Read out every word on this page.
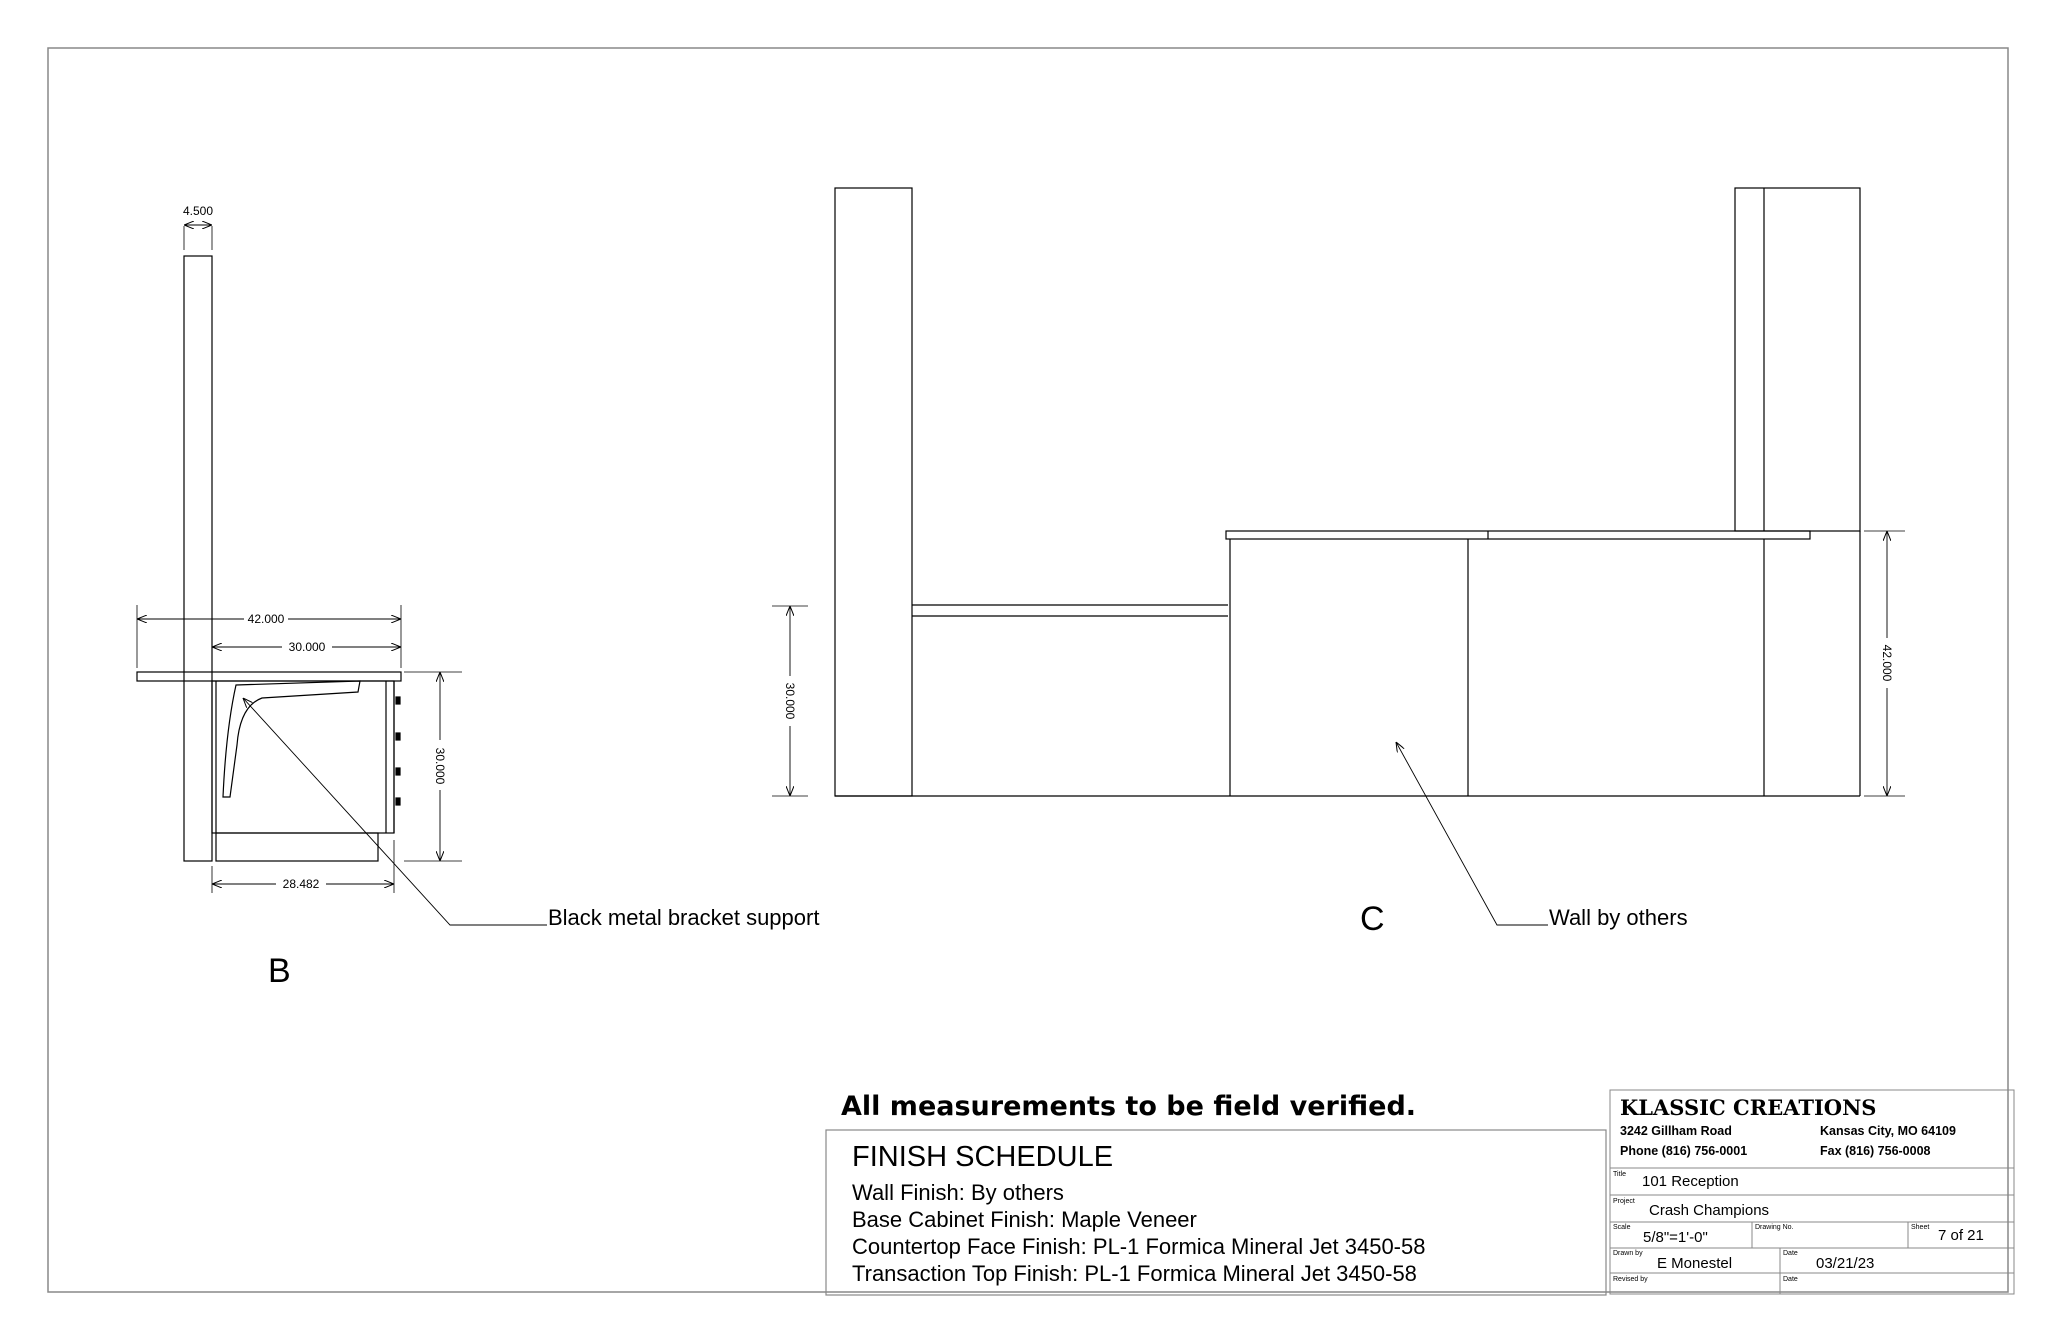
4.500
42.000
30.000
28.482
30.000
Black metal bracket support
B
30.000
42.000
Wall by others
C
All measurements to be field verified.
FINISH SCHEDULE
Wall Finish: By others
Base Cabinet Finish: Maple Veneer
Countertop Face Finish: PL-1 Formica Mineral Jet 3450-58
Transaction Top Finish: PL-1 Formica Mineral Jet 3450-58
KLASSIC CREATIONS
3242 Gillham Road	Kansas City, MO 64109
Phone (816) 756-0001	Fax (816) 756-0008
Title 101 Reception
Project
Crash Champions
Scale
5/8"=1'-0"
Drawing No.	Sheet 7 of 21
Drawn by
E Monestel
Date
03/21/23
Revised by	Date
